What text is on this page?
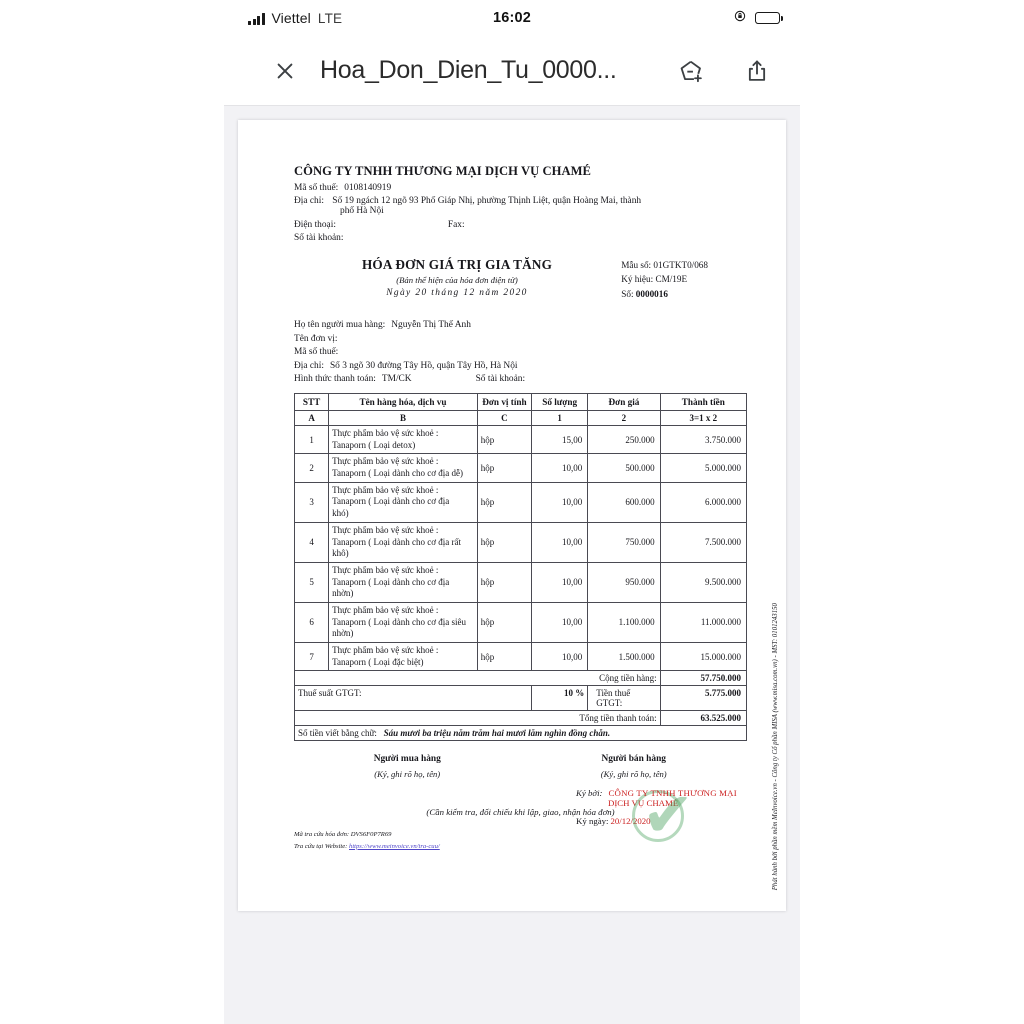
Viettel LTE	16:02
Hoa_Don_Dien_Tu_0000...
CÔNG TY TNHH THƯƠNG MẠI DỊCH VỤ CHAMÉ
Mã số thuế: 0108140919
Địa chỉ: Số 19 ngách 12 ngõ 93 Phố Giáp Nhị, phường Thịnh Liệt, quận Hoàng Mai, thành
phố Hà Nội
Điện thoại:	Fax:
Số tài khoản:
HÓA ĐƠN GIÁ TRỊ GIA TĂNG
(Bản thể hiện của hóa đơn điện tử)
Ngày 20 tháng 12 năm 2020
Mẫu số: 01GTKT0/068
Ký hiệu: CM/19E
Số: 0000016
Họ tên người mua hàng: Nguyễn Thị Thế Anh
Tên đơn vị:
Mã số thuế:
Địa chỉ: Số 3 ngõ 30 đường Tây Hồ, quận Tây Hồ, Hà Nội
Hình thức thanh toán: TM/CK	Số tài khoản:
STT	Tên hàng hóa, dịch vụ	Đơn vị tính	Số lượng	Đơn giá	Thành tiền
A	B	C	1	2	3=1 x 2
1	Thực phẩm bảo vệ sức khoẻ :
Tanaporn ( Loại detox)	hộp	15,00	250.000	3.750.000
2	Thực phẩm bảo vệ sức khoẻ :
Tanaporn ( Loại dành cho cơ địa dễ)	hộp	10,00	500.000	5.000.000
3	Thực phẩm bảo vệ sức khoẻ :
Tanaporn ( Loại dành cho cơ địa
khó)	hộp	10,00	600.000	6.000.000
4	Thực phẩm bảo vệ sức khoẻ :
Tanaporn ( Loại dành cho cơ địa rất
khô)	hộp	10,00	750.000	7.500.000
5	Thực phẩm bảo vệ sức khoẻ :
Tanaporn ( Loại dành cho cơ địa
nhờn)	hộp	10,00	950.000	9.500.000
6	Thực phẩm bảo vệ sức khoẻ :
Tanaporn ( Loại dành cho cơ địa siêu
nhờn)	hộp	10,00	1.100.000	11.000.000
7	Thực phẩm bảo vệ sức khoẻ :
Tanaporn ( Loại đặc biệt)	hộp	10,00	1.500.000	15.000.000
Cộng tiền hàng:					57.750.000
Thuế suất GTGT:			10 %	Tiền thuế GTGT:	5.775.000
Tổng tiền thanh toán:					63.525.000
Số tiền viết bằng chữ: Sáu mươi ba triệu năm trăm hai mươi lăm nghìn đồng chẵn.					
Người mua hàng
(Ký, ghi rõ họ, tên)
Người bán hàng
(Ký, ghi rõ họ, tên)
✔
Ký bởi: CÔNG TY TNHH THƯƠNG MẠI
DỊCH VỤ CHAMÉ
Ký ngày: 20/12/2020
(Cần kiểm tra, đối chiếu khi lập, giao, nhận hóa đơn)
Mã tra cứu hóa đơn: DVS6F0P7R69
Tra cứu tại Website: https://www.meinvoice.vn/tra-cuu/	Phát hành bởi phần mềm MeInvoice.vn - Công ty Cổ phần MISA (www.misa.com.vn) - MST: 0101243150
